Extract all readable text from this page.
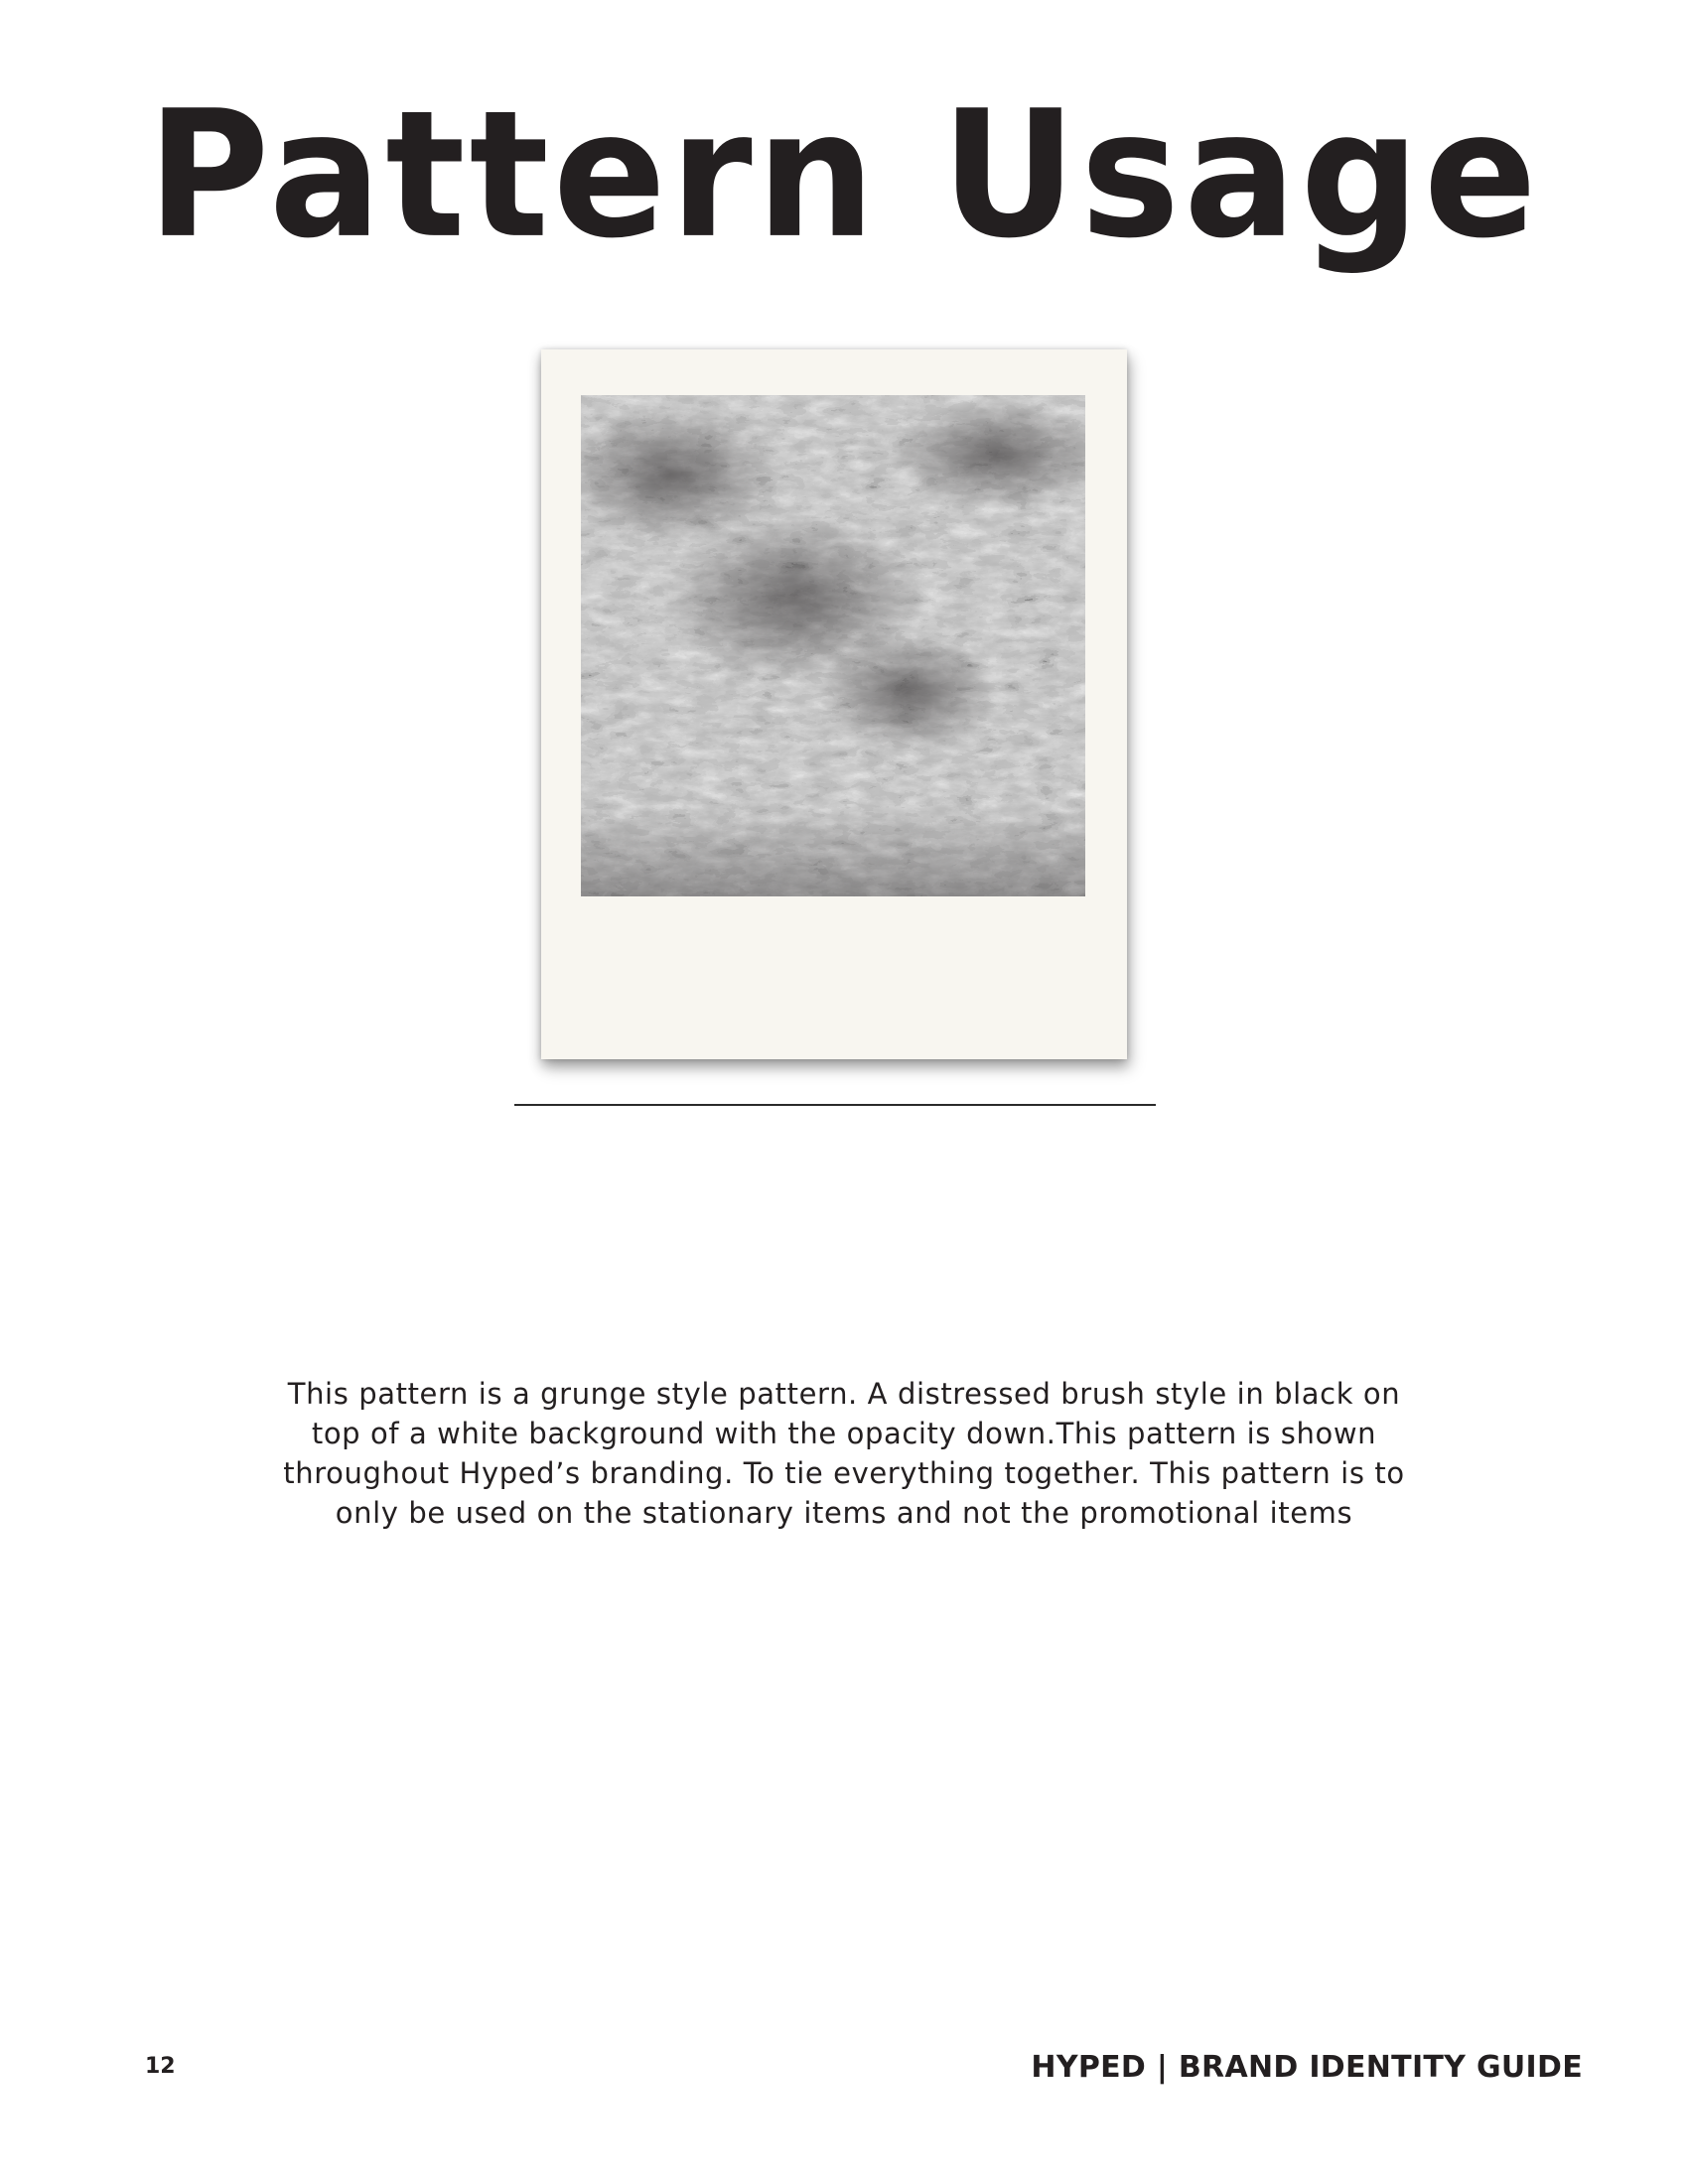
Pattern Usage
This pattern is a grunge style pattern. A distressed brush style in black on top of a white background with the opacity down.This pattern is shown throughout Hyped’s branding. To tie everything together. This pattern is to only be used on the stationary items and not the promotional items
12	HYPED | BRAND IDENTITY GUIDE
